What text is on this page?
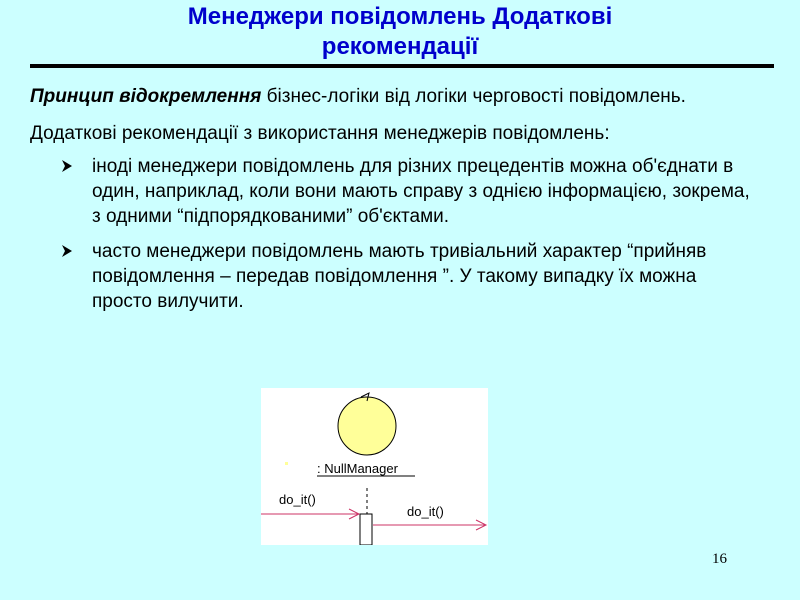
Менеджери повідомлень Додаткові
рекомендації

Принцип відокремлення бізнес-логіки від логіки черговості повідомлень.

Додаткові рекомендації з використання менеджерів повідомлень:

іноді менеджери повідомлень для різних прецедентів можна об'єднати в один, наприклад, коли вони мають справу з однією інформацією, зокрема, з одними “підпорядкованими” об'єктами.
часто менеджери повідомлень мають тривіальний характер “прийняв повідомлення – передав повідомлення ”. У такому випадку їх можна просто вилучити.
: NullManager
do_it()
do_it()
16
